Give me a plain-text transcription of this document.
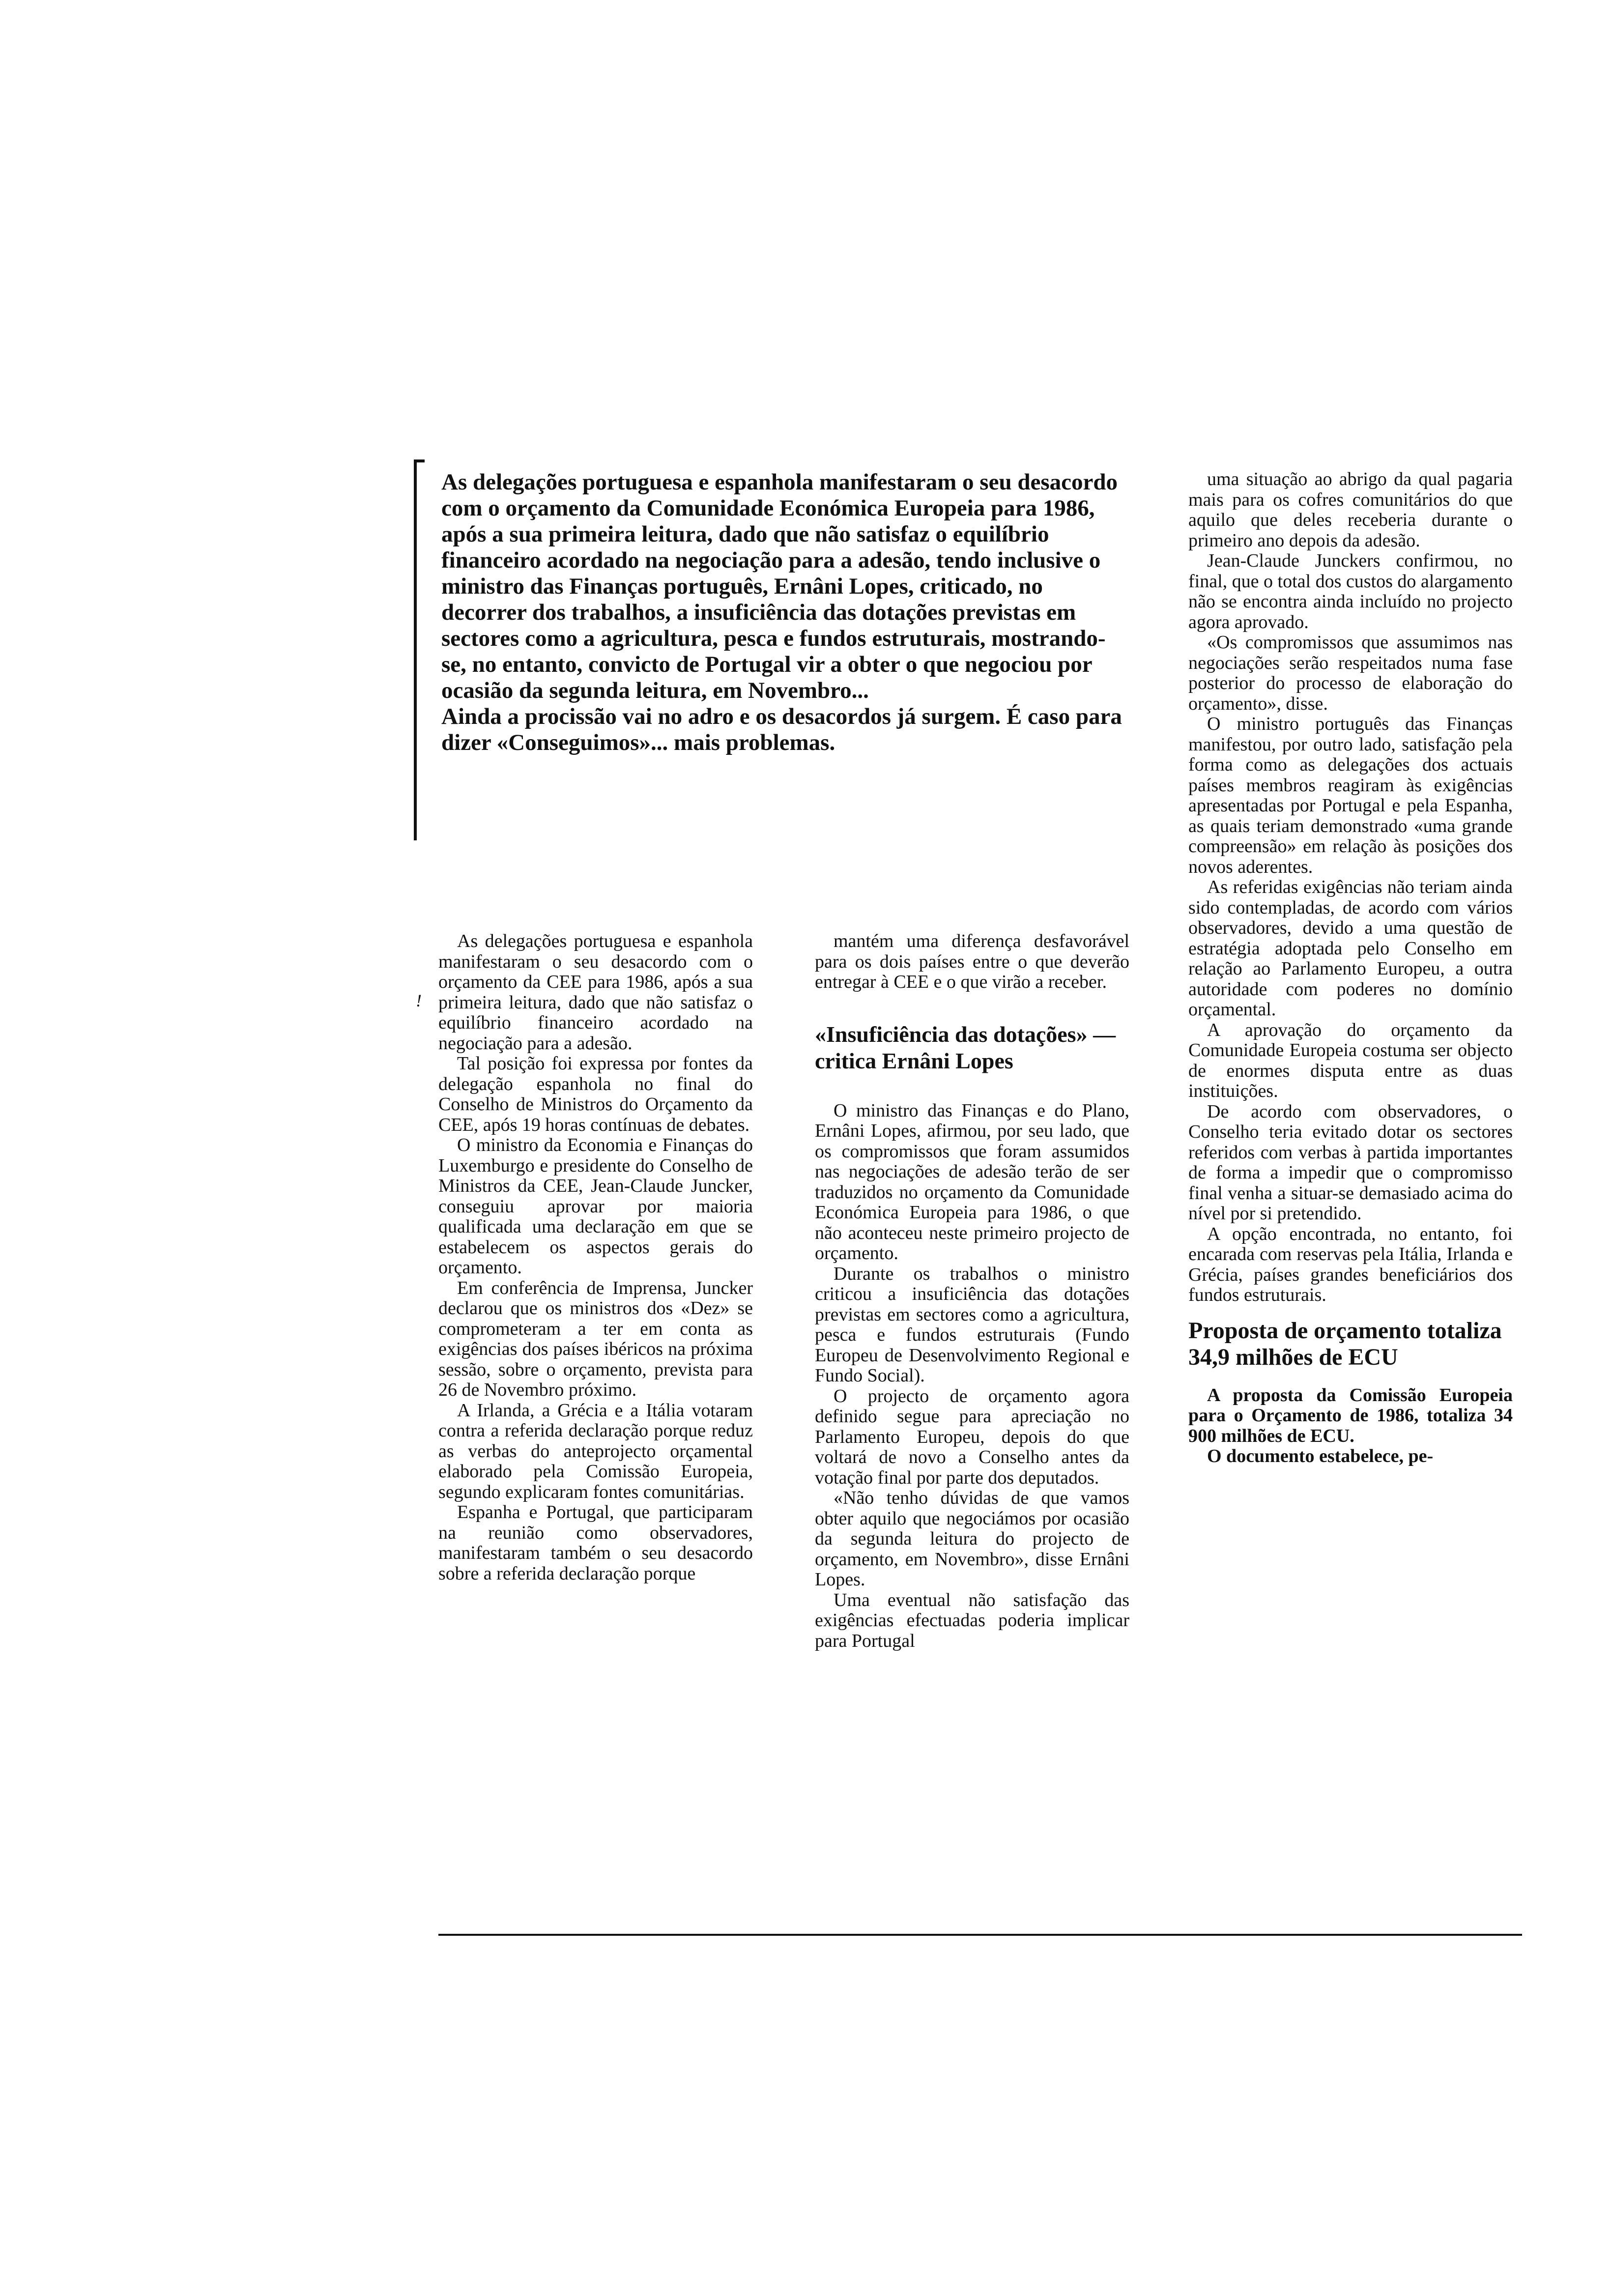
As delegações portuguesa e espanhola manifestaram o seu desacordo com o orçamento da Comunidade Económica Europeia para 1986, após a sua primeira leitura, dado que não satisfaz o equilíbrio financeiro acordado na negociação para a adesão, tendo inclusive o ministro das Finanças português, Ernâni Lopes, criticado, no decorrer dos trabalhos, a insuficiência das dotações previstas em sectores como a agricultura, pesca e fundos estruturais, mostrando-se, no entanto, convicto de Portugal vir a obter o que negociou por ocasião da segunda leitura, em Novembro...

Ainda a procissão vai no adro e os desacordos já surgem. É caso para dizer «Conseguimos»... mais problemas.

!

As delegações portuguesa e espanhola manifestaram o seu desacordo com o orçamento da CEE para 1986, após a sua primeira leitura, dado que não satisfaz o equilíbrio financeiro acordado na negociação para a adesão.

Tal posição foi expressa por fontes da delegação espanhola no final do Conselho de Ministros do Orçamento da CEE, após 19 horas contínuas de debates.

O ministro da Economia e Finanças do Luxemburgo e presidente do Conselho de Ministros da CEE, Jean-Claude Juncker, conseguiu aprovar por maioria qualificada uma declaração em que se estabelecem os aspectos gerais do orçamento.

Em conferência de Imprensa, Juncker declarou que os ministros dos «Dez» se comprometeram a ter em conta as exigências dos países ibéricos na próxima sessão, sobre o orçamento, prevista para 26 de Novembro próximo.

A Irlanda, a Grécia e a Itália votaram contra a referida declaração porque reduz as verbas do anteprojecto orçamental elaborado pela Comissão Europeia, segundo explicaram fontes comunitárias.

Espanha e Portugal, que participaram na reunião como observadores, manifestaram também o seu desacordo sobre a referida declaração porque

mantém uma diferença desfavorável para os dois países entre o que deverão entregar à CEE e o que virão a receber.

«Insuficiência das dotações» — critica Ernâni Lopes

O ministro das Finanças e do Plano, Ernâni Lopes, afirmou, por seu lado, que os compromissos que foram assumidos nas negociações de adesão terão de ser traduzidos no orçamento da Comunidade Económica Europeia para 1986, o que não aconteceu neste primeiro projecto de orçamento.

Durante os trabalhos o ministro criticou a insuficiência das dotações previstas em sectores como a agricultura, pesca e fundos estruturais (Fundo Europeu de Desenvolvimento Regional e Fundo Social).

O projecto de orçamento agora definido segue para apreciação no Parlamento Europeu, depois do que voltará de novo a Conselho antes da votação final por parte dos deputados.

«Não tenho dúvidas de que vamos obter aquilo que negociámos por ocasião da segunda leitura do projecto de orçamento, em Novembro», disse Ernâni Lopes.

Uma eventual não satisfação das exigências efectuadas poderia implicar para Portugal

uma situação ao abrigo da qual pagaria mais para os cofres comunitários do que aquilo que deles receberia durante o primeiro ano depois da adesão.

Jean-Claude Junckers confirmou, no final, que o total dos custos do alargamento não se encontra ainda incluído no projecto agora aprovado.

«Os compromissos que assumimos nas negociações serão respeitados numa fase posterior do processo de elaboração do orçamento», disse.

O ministro português das Finanças manifestou, por outro lado, satisfação pela forma como as delegações dos actuais países membros reagiram às exigências apresentadas por Portugal e pela Espanha, as quais teriam demonstrado «uma grande compreensão» em relação às posições dos novos aderentes.

As referidas exigências não teriam ainda sido contempladas, de acordo com vários observadores, devido a uma questão de estratégia adoptada pelo Conselho em relação ao Parlamento Europeu, a outra autoridade com poderes no domínio orçamental.

A aprovação do orçamento da Comunidade Europeia costuma ser objecto de enormes disputa entre as duas instituições.

De acordo com observadores, o Conselho teria evitado dotar os sectores referidos com verbas à partida importantes de forma a impedir que o compromisso final venha a situar-se demasiado acima do nível por si pretendido.

A opção encontrada, no entanto, foi encarada com reservas pela Itália, Irlanda e Grécia, países grandes beneficiários dos fundos estruturais.

Proposta de orçamento totaliza 34,9 milhões de ECU

A proposta da Comissão Europeia para o Orçamento de 1986, totaliza 34 900 milhões de ECU.

O documento estabelece, pe-
